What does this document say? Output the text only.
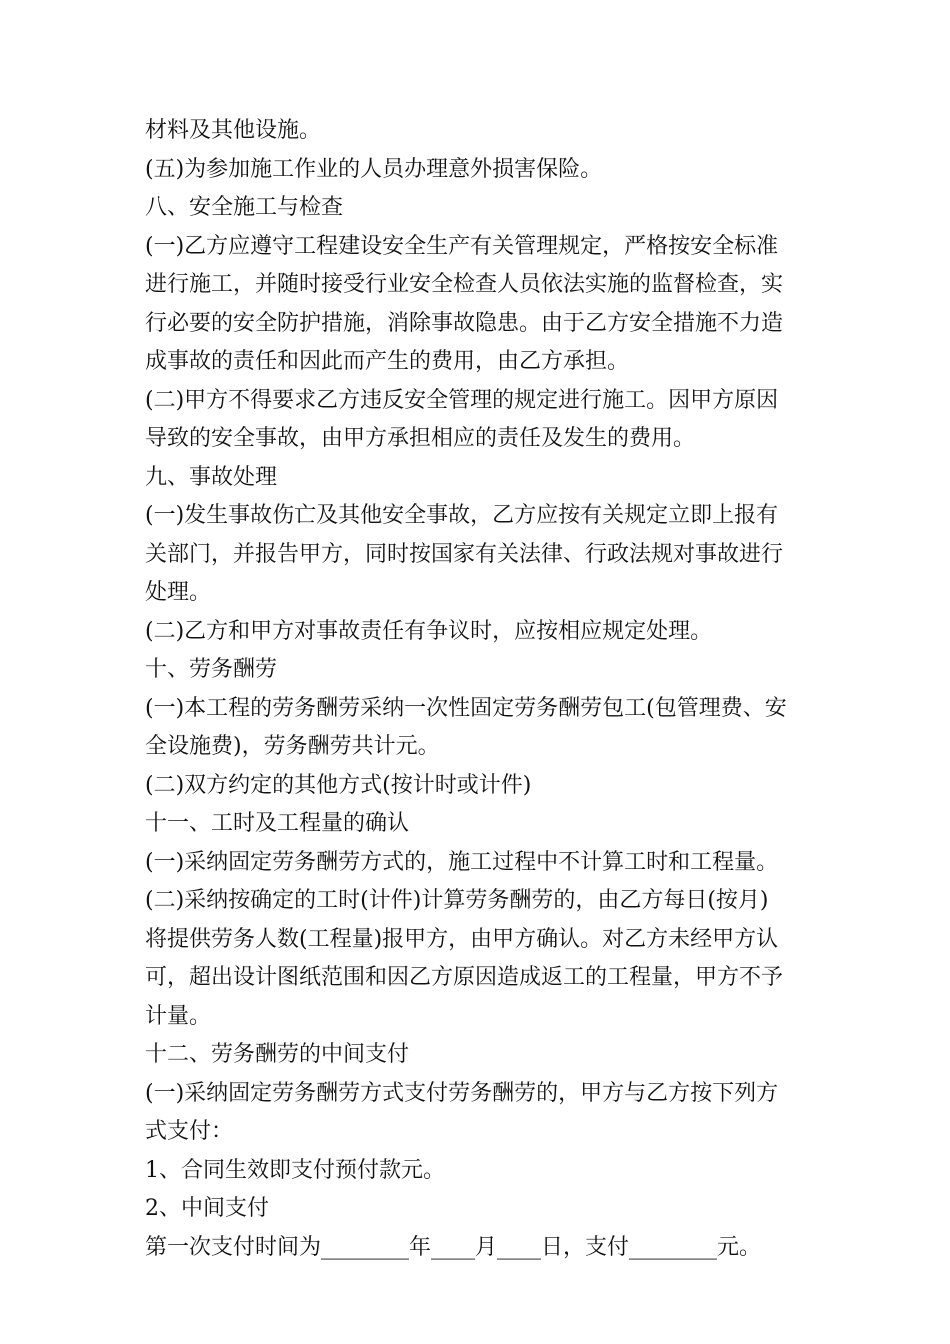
材料及其他设施。
(五)为参加施工作业的人员办理意外损害保险。
八、安全施工与检查
(一)乙方应遵守工程建设安全生产有关管理规定，严格按安全标准
进行施工，并随时接受行业安全检查人员依法实施的监督检查，实
行必要的安全防护措施，消除事故隐患。由于乙方安全措施不力造
成事故的责任和因此而产生的费用，由乙方承担。
(二)甲方不得要求乙方违反安全管理的规定进行施工。因甲方原因
导致的安全事故，由甲方承担相应的责任及发生的费用。
九、事故处理
(一)发生事故伤亡及其他安全事故，乙方应按有关规定立即上报有
关部门，并报告甲方，同时按国家有关法律、行政法规对事故进行
处理。
(二)乙方和甲方对事故责任有争议时，应按相应规定处理。
十、劳务酬劳
(一)本工程的劳务酬劳采纳一次性固定劳务酬劳包工(包管理费、安
全设施费)，劳务酬劳共计元。
(二)双方约定的其他方式(按计时或计件)
十一、工时及工程量的确认
(一)采纳固定劳务酬劳方式的，施工过程中不计算工时和工程量。
(二)采纳按确定的工时(计件)计算劳务酬劳的，由乙方每日(按月)
将提供劳务人数(工程量)报甲方，由甲方确认。对乙方未经甲方认
可，超出设计图纸范围和因乙方原因造成返工的工程量，甲方不予
计量。
十二、劳务酬劳的中间支付
(一)采纳固定劳务酬劳方式支付劳务酬劳的，甲方与乙方按下列方
式支付：
1、合同生效即支付预付款元。
2、中间支付
第一次支付时间为________年____月____日，支付________元。
